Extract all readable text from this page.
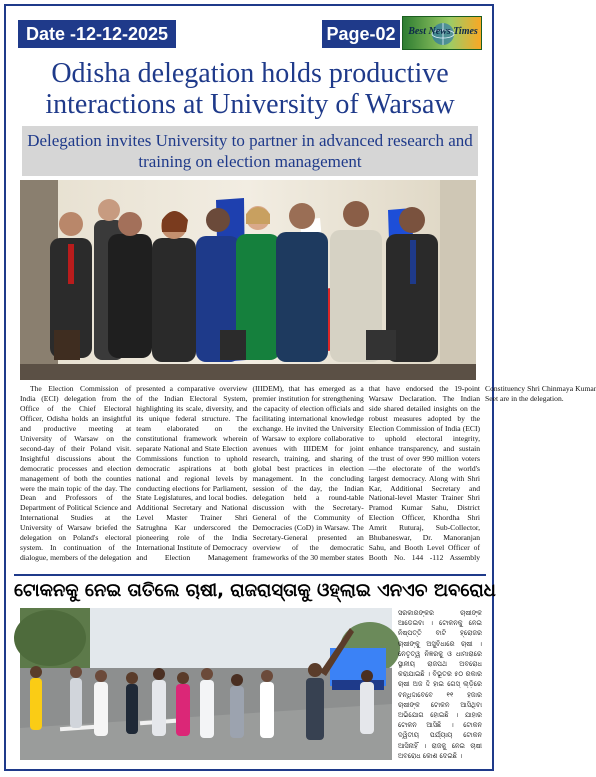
Date -12-12-2025	Page-02	Best News Times
Odisha delegation holds productive interactions at University of Warsaw
Delegation invites University to partner in advanced research and training on election management

The Election Commission of India (ECI) delegation from the Office of the Chief Electoral Officer, Odisha holds an insightful and productive meeting at University of Warsaw on the second-day of their Poland visit. Insightful discussions about the democratic processes and election management of both the counties were the main topic of the day. The Dean and Professors of the Department of Political Science and International Studies at the University of Warsaw briefed the delegation on Poland's electoral system. In continuation of the dialogue, members of the delegation presented a comparative overview of the Indian Electoral System, highlighting its scale, diversity, and its unique federal structure. The team elaborated on the constitutional framework wherein separate National and State Election Commissions function to uphold democratic aspirations at both national and regional levels by conducting elections for Parliament, State Legislatures, and local bodies. Additional Secretary and National Level Master Trainer Shri Satrughna Kar underscored the pioneering role of the India International Institute of Democracy and Election Management (IIIDEM), that has emerged as a premier institution for strengthening the capacity of election officials and facilitating international knowledge exchange. He invited the University of Warsaw to explore collaborative avenues with IIIDEM for joint research, training, and sharing of global best practices in election management. In the concluding session of the day, the Indian delegation held a round-table discussion with the Secretary-General of the Community of Democracies (CoD) in Warsaw. The Secretary-General presented an overview of the democratic frameworks of the 30 member states that have endorsed the 19-point Warsaw Declaration. The Indian side shared detailed insights on the robust measures adopted by the Election Commission of India (ECI) to uphold electoral integrity, enhance transparency, and sustain the trust of over 990 million voters—the electorate of the world's largest democracy. Along with Shri Kar, Additional Secretary and National-level Master Trainer Shri Pramod Kumar Sahu, District Election Officer, Khordha Shri Amrit Ruturaj, Sub-Collector, Bhubaneswar, Dr. Manoranjan Sahu, and Booth Level Officer of Booth No. 144 -112 Assembly Constituency Shri Chinmaya Kumar Seet are in the delegation.

ଟୋକନକୁ ନେଇ ତାତିଲେ ଚାଷୀ, ରାଜରାସ୍ତାକୁ ଓହ୍ଲାଇ ଏନଏଚ ଅବରୋଧ
ସରକାରଙ୍କର ଚାଷୀଙ୍କ ଆଡେଇବା । ଟୋକନକୁ ନେଇ ନିଷ୍ପତ୍ତି ବାଟି ହ୍ରୋଜର ଚାଷୀଙ୍କୁ ଅସୁବିଧାରେ ଚାଷୀ । ନେତୃତ୍ୱ ନିଜ୍ଞରକୁ ଓ ଧାମାରାରେ ସ୍ଥାନୀୟ ରାଜପଥ ଅବରୋଧ କରାଯାଇଛି । ବିଭୂତର ୫୦ ରକାର ଚାଷୀ ଅଜ ଦ୍ଦି ହାଇ ଗେସ୍ ଲ୍ଡ଼ିରେ ବନ୍ଧିଦ୍ଦାବେବେ ୧୧ ହଜାର ଚାଷୀଙ୍କ ଟୋକନ ଆସିଥିବା ଅଭିଯୋଗ ହୋଇଛି । ଯାହାର ଟୋକନ ଆସିଛି । ଟୋକନ ଦ୍ୱିତୀୟ ପର୍ଯ୍ୟାୟ ଟୋକନ ଆସିନାହିଁ । ରାଜକୁ ନେଇ ଚାଷୀ ଅବରୋଧ କୋଶ ଦେଇଛି ।
